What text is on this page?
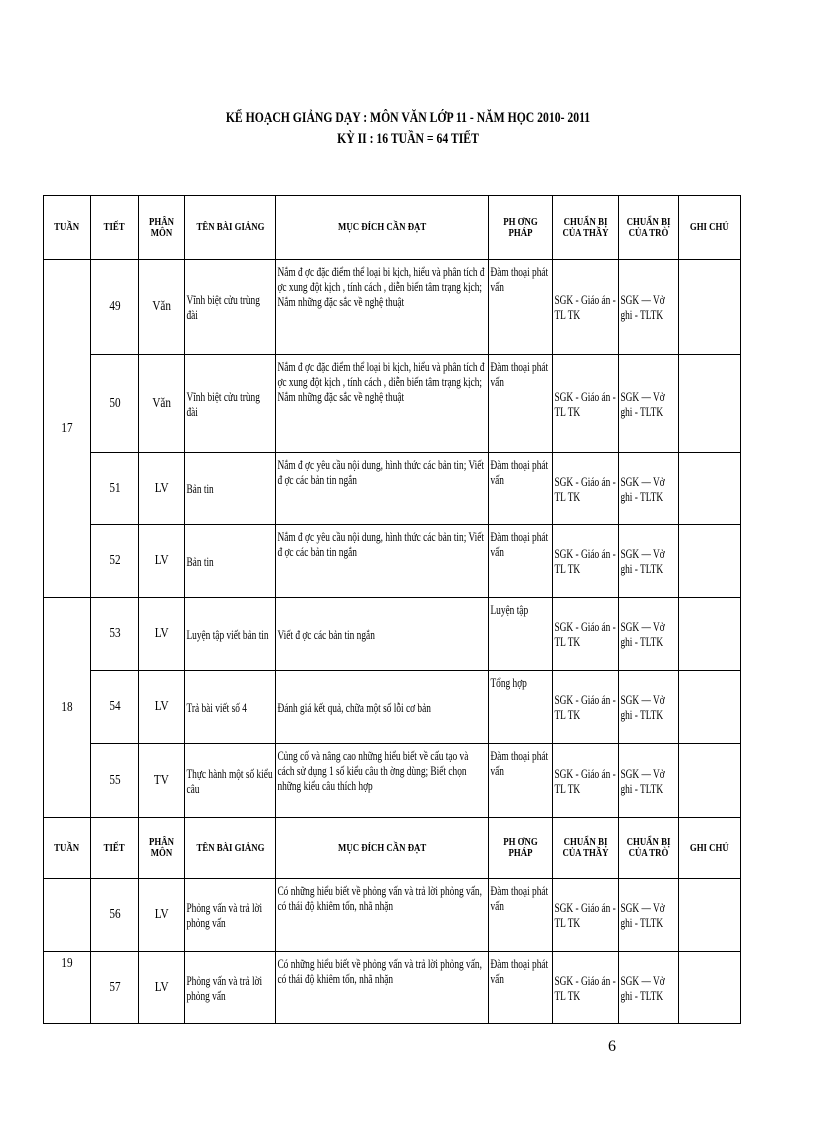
KẾ HOẠCH GIẢNG DẠY : MÔN VĂN LỚP 11 - NĂM HỌC 2010- 2011
KỲ II : 16 TUẦN = 64 TIẾT
TUẦN	TIẾT	PHÂN MÔN	TÊN BÀI GIẢNG	MỤC ĐÍCH CẦN ĐẠT	PH ƠNG PHÁP	CHUẨN BỊ CỦA THẦY	CHUẨN BỊ CỦA TRÒ	GHI CHÚ
17	49	Văn	Vĩnh biệt cửu trùng đài	Nắm đ ợc đặc điểm thể loại bi kịch, hiểu và phân tích đ ợc xung đột kịch , tính cách , diễn biến tâm trạng kịch; Nắm những đặc sắc về nghệ thuật	Đàm thoại phát vấn	SGK - Giáo án - TL TK	SGK — Vở ghi - TLTK	

	50	Văn	Vĩnh biệt cửu trùng đài	Nắm đ ợc đặc điểm thể loại bi kịch, hiểu và phân tích đ ợc xung đột kịch , tính cách , diễn biến tâm trạng kịch; Nắm những đặc sắc về nghệ thuật	Đàm thoại phát vấn	SGK - Giáo án - TL TK	SGK — Vở ghi - TLTK	

	51	LV	Bản tin	Nắm đ ợc yêu cầu nội dung, hình thức các bản tin; Viết đ ợc các bản tin ngắn	Đàm thoại phát vấn	SGK - Giáo án - TL TK	SGK — Vở ghi - TLTK	

	52	LV	Bản tin	Nắm đ ợc yêu cầu nội dung, hình thức các bản tin; Viết đ ợc các bản tin ngắn	Đàm thoại phát vấn	SGK - Giáo án - TL TK	SGK — Vở ghi - TLTK	

18	53	LV	Luyện tập viết bản tin	Viết đ ợc các bản tin ngắn	Luyện tập	SGK - Giáo án - TL TK	SGK — Vở ghi - TLTK	

	54	LV	Trả bài viết số 4	Đánh giá kết quả, chữa một số lỗi cơ bản	Tổng hợp	SGK - Giáo án - TL TK	SGK — Vở ghi - TLTK	

	55	TV	Thực hành một số kiểu câu	Củng cố và nâng cao những hiểu biết về cấu tạo và cách sử dụng 1 số kiểu câu th ờng dùng; Biết chọn những kiểu câu thích hợp	Đàm thoại phát vấn	SGK - Giáo án - TL TK	SGK — Vở ghi - TLTK	

TUẦN	TIẾT	PHÂN MÔN	TÊN BÀI GIẢNG	MỤC ĐÍCH CẦN ĐẠT	PH ƠNG PHÁP	CHUẨN BỊ CỦA THẦY	CHUẨN BỊ CỦA TRÒ	GHI CHÚ
	56	LV	Phỏng vấn và trả lời phỏng vấn	Có những hiểu biết về phỏng vấn và trả lời phỏng vấn, có thái độ khiêm tốn, nhã nhặn	Đàm thoại phát vấn	SGK - Giáo án - TL TK	SGK — Vở ghi - TLTK	

19	57	LV	Phỏng vấn và trả lời phỏng vấn	Có những hiểu biết về phỏng vấn và trả lời phỏng vấn, có thái độ khiêm tốn, nhã nhặn	Đàm thoại phát vấn	SGK - Giáo án - TL TK	SGK — Vở ghi - TLTK	

6
